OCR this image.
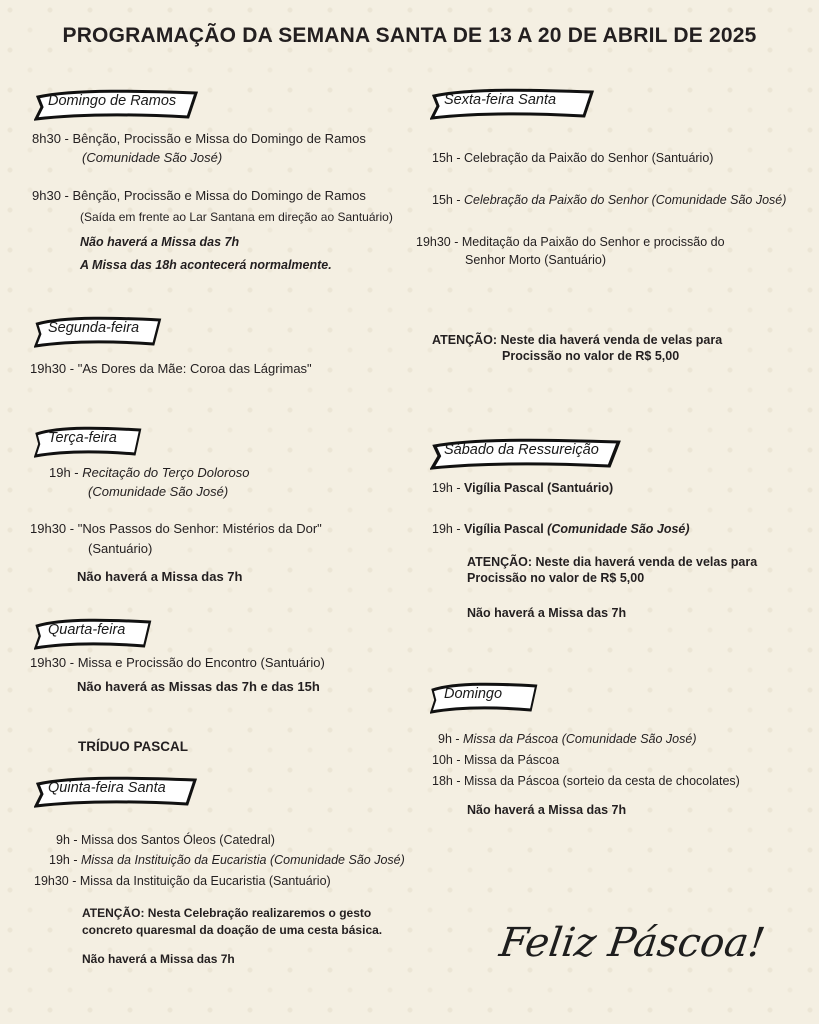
PROGRAMAÇÃO DA SEMANA SANTA DE 13 A 20 DE ABRIL DE 2025
Domingo de Ramos
8h30 - Bênção, Procissão e Missa do Domingo de Ramos
(Comunidade São José)
9h30 - Bênção, Procissão e Missa do Domingo de Ramos
(Saída em frente ao Lar Santana em direção ao Santuário)
Não haverá a Missa das 7h
A Missa das 18h acontecerá normalmente.
Segunda-feira
19h30 - "As Dores da Mãe: Coroa das Lágrimas"
Terça-feira
19h - Recitação do Terço Doloroso
(Comunidade São José)
19h30 - "Nos Passos do Senhor: Mistérios da Dor"
(Santuário)
Não haverá a Missa das 7h
Quarta-feira
19h30 - Missa e Procissão do Encontro (Santuário)
Não haverá as Missas das 7h e das 15h
TRÍDUO PASCAL
Quinta-feira Santa
9h - Missa dos Santos Óleos (Catedral)
19h - Missa da Instituição da Eucaristia (Comunidade São José)
19h30 - Missa da Instituição da Eucaristia (Santuário)
ATENÇÃO: Nesta Celebração realizaremos o gesto
concreto quaresmal da doação de uma cesta básica.
Não haverá a Missa das 7h
Sexta-feira Santa
15h - Celebração da Paixão do Senhor (Santuário)
15h - Celebração da Paixão do Senhor (Comunidade São José)
19h30 - Meditação da Paixão do Senhor e procissão do
Senhor Morto (Santuário)
ATENÇÃO: Neste dia haverá venda de velas para
Procissão no valor de R$ 5,00
Sábado da Ressureição
19h - Vigília Pascal (Santuário)
19h - Vigília Pascal (Comunidade São José)
ATENÇÃO: Neste dia haverá venda de velas para
Procissão no valor de R$ 5,00
Não haverá a Missa das 7h
Domingo
9h - Missa da Páscoa (Comunidade São José)
10h - Missa da Páscoa
18h - Missa da Páscoa (sorteio da cesta de chocolates)
Não haverá a Missa das 7h
Feliz Páscoa!
